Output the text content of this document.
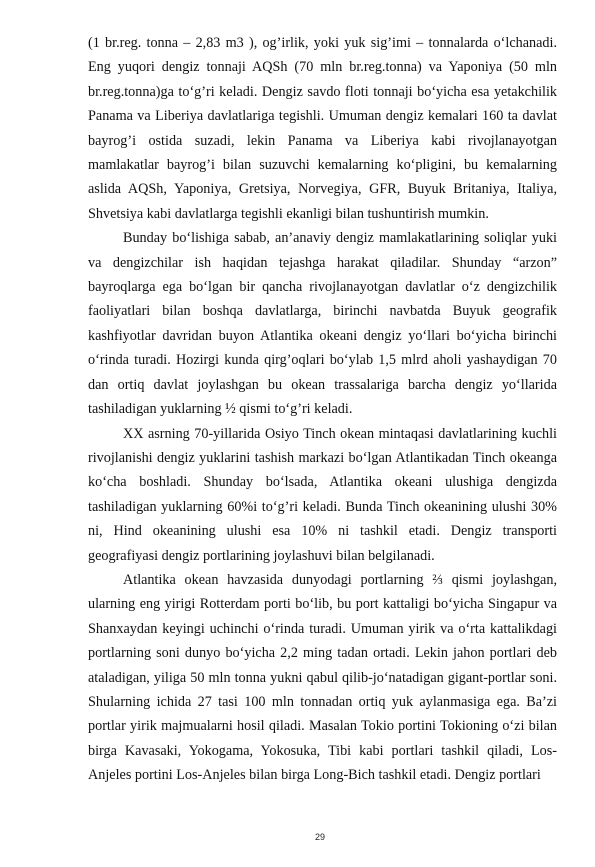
(1 br.reg. tonna – 2,83 m3 ), og’irlik, yoki yuk sig’imi – tonnalarda o‘lchanadi. Eng yuqori dengiz tonnaji AQSh (70 mln br.reg.tonna) va Yaponiya (50 mln br.reg.tonna)ga to‘g’ri keladi. Dengiz savdo floti tonnaji bo‘yicha esa yetakchilik Panama va Liberiya davlatlariga tegishli. Umuman dengiz kemalari 160 ta davlat bayrog’i ostida suzadi, lekin Panama va Liberiya kabi rivojlanayotgan mamlakatlar bayrog’i bilan suzuvchi kemalarning ko‘pligini, bu kemalarning aslida AQSh, Yaponiya, Gretsiya, Norvegiya, GFR, Buyuk Britaniya, Italiya, Shvetsiya kabi davlatlarga tegishli ekanligi bilan tushuntirish mumkin.

Bunday bo‘lishiga sabab, an’anaviy dengiz mamlakatlarining soliqlar yuki va dengizchilar ish haqidan tejashga harakat qiladilar. Shunday “arzon” bayroqlarga ega bo‘lgan bir qancha rivojlanayotgan davlatlar o‘z dengizchilik faoliyatlari bilan boshqa davlatlarga, birinchi navbatda Buyuk geografik kashfiyotlar davridan buyon Atlantika okeani dengiz yo‘llari bo‘yicha birinchi o‘rinda turadi. Hozirgi kunda qirg’oqlari bo‘ylab 1,5 mlrd aholi yashaydigan 70 dan ortiq davlat joylashgan bu okean trassalariga barcha dengiz yo‘llarida tashiladigan yuklarning ½ qismi to‘g’ri keladi.

XX asrning 70-yillarida Osiyo Tinch okean mintaqasi davlatlarining kuchli rivojlanishi dengiz yuklarini tashish markazi bo‘lgan Atlantikadan Tinch okeanga ko‘cha boshladi. Shunday bo‘lsada, Atlantika okeani ulushiga dengizda tashiladigan yuklarning 60%i to‘g’ri keladi. Bunda Tinch okeanining ulushi 30% ni, Hind okeanining ulushi esa 10% ni tashkil etadi. Dengiz transporti geografiyasi dengiz portlarining joylashuvi bilan belgilanadi.

Atlantika okean havzasida dunyodagi portlarning ⅔ qismi joylashgan, ularning eng yirigi Rotterdam porti bo‘lib, bu port kattaligi bo‘yicha Singapur va Shanxaydan keyingi uchinchi o‘rinda turadi. Umuman yirik va o‘rta kattalikdagi portlarning soni dunyo bo‘yicha 2,2 ming tadan ortadi. Lekin jahon portlari deb ataladigan, yiliga 50 mln tonna yukni qabul qilib-jo‘natadigan gigant-portlar soni. Shularning ichida 27 tasi 100 mln tonnadan ortiq yuk aylanmasiga ega. Ba’zi portlar yirik majmualarni hosil qiladi. Masalan Tokio portini Tokioning o‘zi bilan birga Kavasaki, Yokogama, Yokosuka, Tibi kabi portlari tashkil qiladi, Los-Anjeles portini Los-Anjeles bilan birga Long-Bich tashkil etadi. Dengiz portlari

29
